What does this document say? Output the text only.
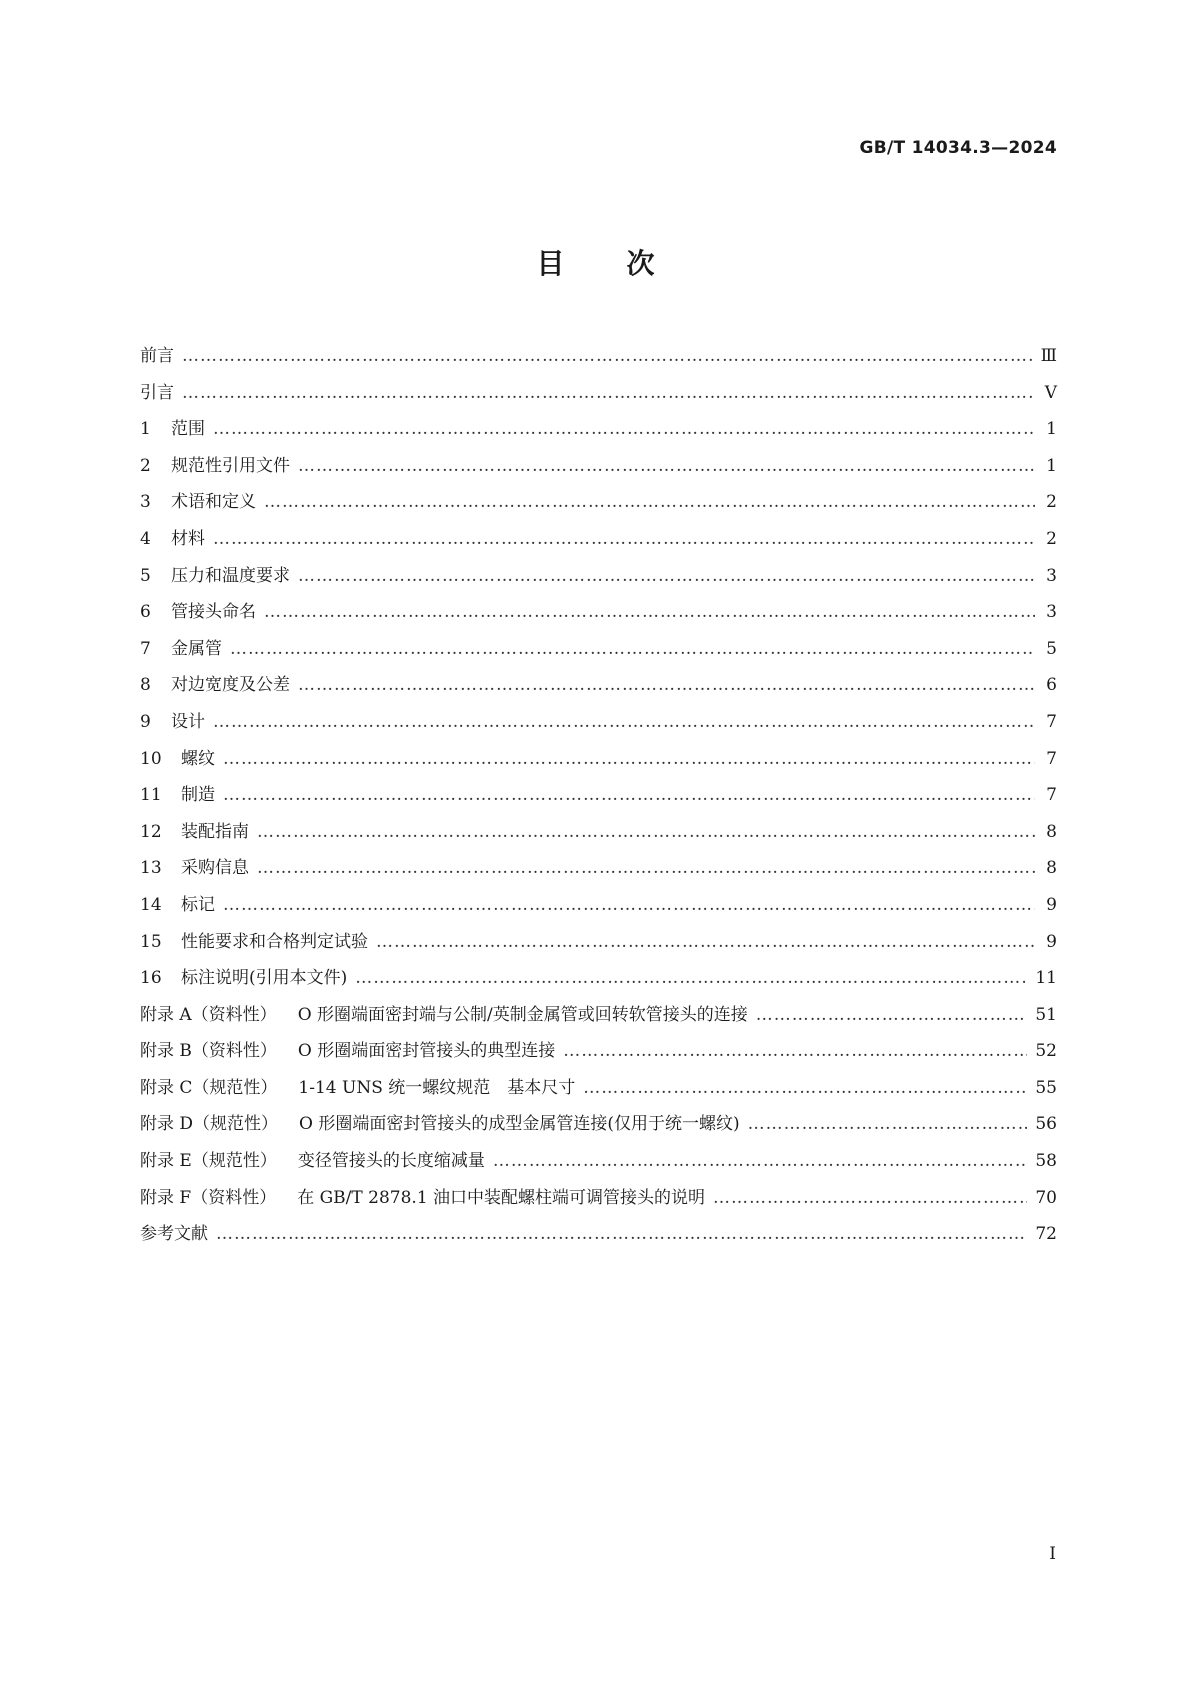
GB/T 14034.3—2024
目次
前言 ……………………………………………………………………………………………………………………………………………………………………………………………………………	Ⅲ
引言 ……………………………………………………………………………………………………………………………………………………………………………………………………………	Ⅴ
1	范围 ……………………………………………………………………………………………………………………………………………………………………………………………………………	1
2	规范性引用文件 ……………………………………………………………………………………………………………………………………………………………………………………………………………	1
3	术语和定义 ……………………………………………………………………………………………………………………………………………………………………………………………………………	2
4	材料 ……………………………………………………………………………………………………………………………………………………………………………………………………………	2
5	压力和温度要求 ……………………………………………………………………………………………………………………………………………………………………………………………………………	3
6	管接头命名 ……………………………………………………………………………………………………………………………………………………………………………………………………………	3
7	金属管 ……………………………………………………………………………………………………………………………………………………………………………………………………………	5
8	对边宽度及公差 ……………………………………………………………………………………………………………………………………………………………………………………………………………	6
9	设计 ……………………………………………………………………………………………………………………………………………………………………………………………………………	7
10	螺纹 ……………………………………………………………………………………………………………………………………………………………………………………………………………	7
11	制造 ……………………………………………………………………………………………………………………………………………………………………………………………………………	7
12	装配指南 ……………………………………………………………………………………………………………………………………………………………………………………………………………	8
13	采购信息 ……………………………………………………………………………………………………………………………………………………………………………………………………………	8
14	标记 ……………………………………………………………………………………………………………………………………………………………………………………………………………	9
15	性能要求和合格判定试验 ……………………………………………………………………………………………………………………………………………………………………………………………………………	9
16	标注说明(引用本文件) ……………………………………………………………………………………………………………………………………………………………………………………………………………	11
附录 A（资料性） O 形圈端面密封端与公制/英制金属管或回转软管接头的连接 ……………………………………………………………………………………………………………………………………………………………………………………………………………	51
附录 B（资料性） O 形圈端面密封管接头的典型连接 ……………………………………………………………………………………………………………………………………………………………………………………………………………	52
附录 C（规范性） 1-14 UNS 统一螺纹规范　基本尺寸 ……………………………………………………………………………………………………………………………………………………………………………………………………………	55
附录 D（规范性） O 形圈端面密封管接头的成型金属管连接(仅用于统一螺纹) ……………………………………………………………………………………………………………………………………………………………………………………………………………	56
附录 E（规范性） 变径管接头的长度缩减量 ……………………………………………………………………………………………………………………………………………………………………………………………………………	58
附录 F（资料性） 在 GB/T 2878.1 油口中装配螺柱端可调管接头的说明 ……………………………………………………………………………………………………………………………………………………………………………………………………………	70
参考文献 ……………………………………………………………………………………………………………………………………………………………………………………………………………	72
I
